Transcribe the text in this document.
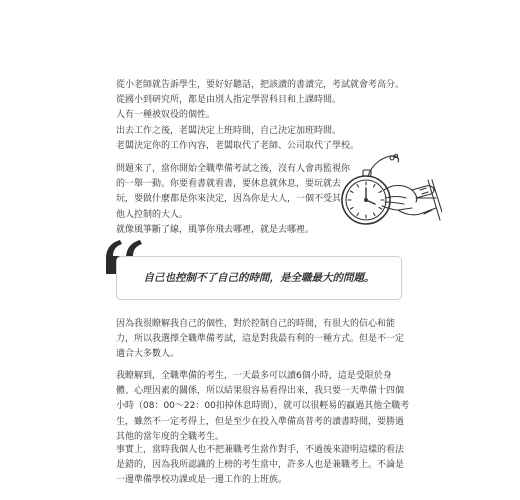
從小老師就告訴學生，要好好聽話，把該讀的書讀完，考試就會考高分。
從國小到研究所，都是由別人指定學習科目和上課時間。
人有一種被奴役的個性。
出去工作之後，老闆決定上班時間，自己決定加班時間。
老闆決定你的工作內容，老闆取代了老師、公司取代了學校。
問題來了，當你開始全職準備考試之後，沒有人會再監視你
的一舉一動。你要看書就看書，要休息就休息，要玩就去
玩，要做什麼都是你來決定，因為你是大人，一個不受其
他人控制的大人。
就像風箏斷了線，風箏你飛去哪裡，就是去哪裡。
自己也控制不了自己的時間，是全職最大的問題。
因為我很瞭解我自己的個性，對於控制自己的時間，有很大的信心和能
力，所以我選擇全職準備考試，這是對我最有利的一種方式。但是不一定
適合大多數人。
我瞭解到，全職準備的考生，一天最多可以讀6個小時，這是受限於身
體、心理因素的關係，所以結果很容易看得出來，我只要一天準備十四個
小時（08：00～22：00扣掉休息時間），就可以很輕易的贏過其他全職考
生，雖然不一定考得上，但是至少在投入準備高普考的讀書時間，要勝過
其他的當年度的全職考生。
事實上，當時我個人也不把兼職考生當作對手，不過後來證明這樣的看法
是錯的，因為我所認識的上榜的考生當中，許多人也是兼職考上。不論是
一邊準備學校功課或是一邊工作的上班族。
